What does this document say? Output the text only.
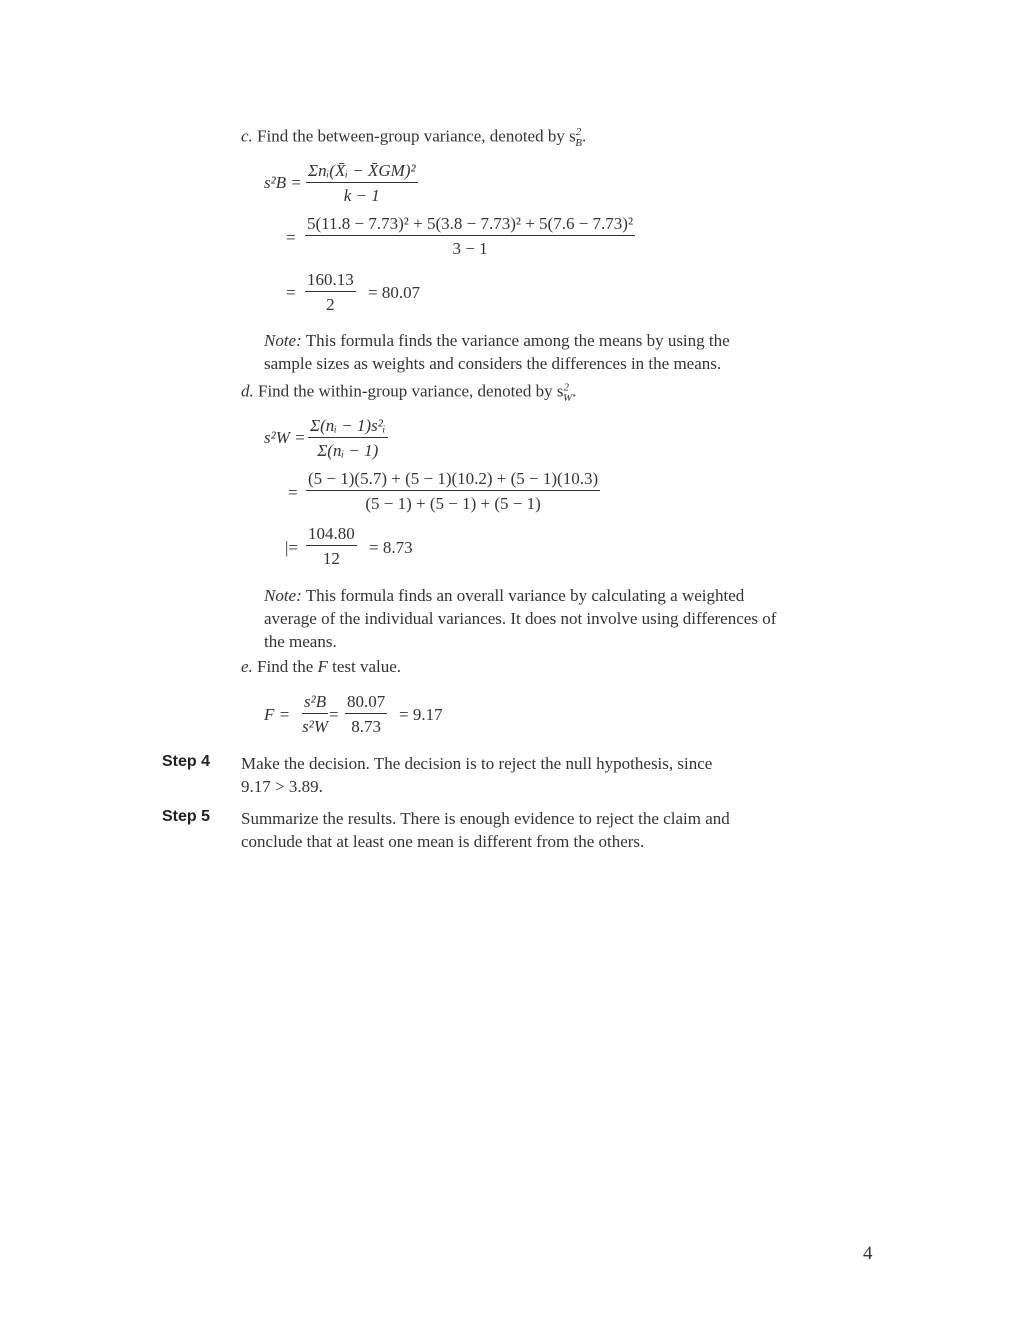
c. Find the between-group variance, denoted by $s^2_B$.
s²B =
Σnᵢ(X̄ᵢ − X̄GM)²
k − 1
= $\frac{\text{5(11.8 − 7.73)² + 5(3.8 − 7.73)² + 5(7.6 − 7.73)²}}{3 - 1}$
= $\frac{160.13}{2} = 80.07$
Note: This formula finds the variance among the means by using the
sample sizes as weights and considers the differences in the means.
d. Find the within-group variance, denoted by $s^2_W$.
$s^2W = \frac{\text{Σ(nᵢ − 1)s²ᵢ}}{\text{Σ(nᵢ − 1)}}$
= $\frac{(5 - 1)(5.7) + (5 - 1)(10.2) + (5 - 1)(10.3)}{(5 - 1) + (5 - 1) + (5 - 1)}$
|= $\frac{104.80}{12} = 8.73$
Note: This formula finds an overall variance by calculating a weighted
average of the individual variances. It does not involve using differences of
the means.
e. Find the F test value.
$F = \frac{\text{s²B}}{\text{s²W}} = \frac{80.07}{8.73} = 9.17$
Step 4 Make the decision. The decision is to reject the null hypothesis, since
9.17 > 3.89.
Step 5 Summarize the results. There is enough evidence to reject the claim and
conclude that at least one mean is different from the others.
4
